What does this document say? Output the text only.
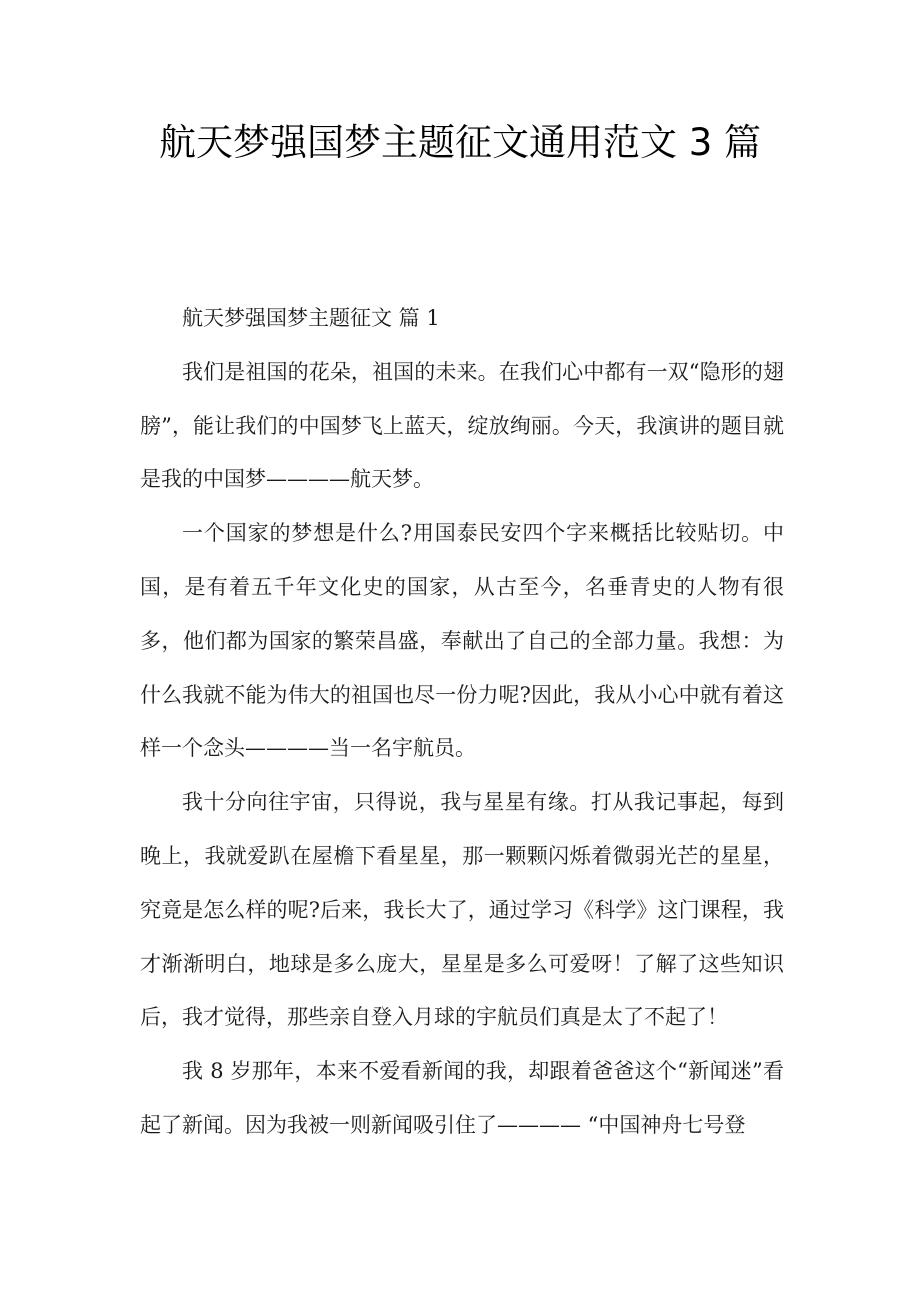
航天梦强国梦主题征文通用范文 3 篇
航天梦强国梦主题征文 篇 1

我们是祖国的花朵，祖国的未来。在我们心中都有一双“隐形的翅膀”，能让我们的中国梦飞上蓝天，绽放绚丽。今天，我演讲的题目就是我的中国梦————航天梦。

一个国家的梦想是什么?用国泰民安四个字来概括比较贴切。中国，是有着五千年文化史的国家，从古至今，名垂青史的人物有很多，他们都为国家的繁荣昌盛，奉献出了自己的全部力量。我想：为什么我就不能为伟大的祖国也尽一份力呢?因此，我从小心中就有着这样一个念头————当一名宇航员。

我十分向往宇宙，只得说，我与星星有缘。打从我记事起，每到晚上，我就爱趴在屋檐下看星星，那一颗颗闪烁着微弱光芒的星星，究竟是怎么样的呢?后来，我长大了，通过学习《科学》这门课程，我才渐渐明白，地球是多么庞大，星星是多么可爱呀！了解了这些知识后，我才觉得，那些亲自登入月球的宇航员们真是太了不起了！

我 8 岁那年，本来不爱看新闻的我，却跟着爸爸这个“新闻迷”看起了新闻。因为我被一则新闻吸引住了———— “中国神舟七号登
